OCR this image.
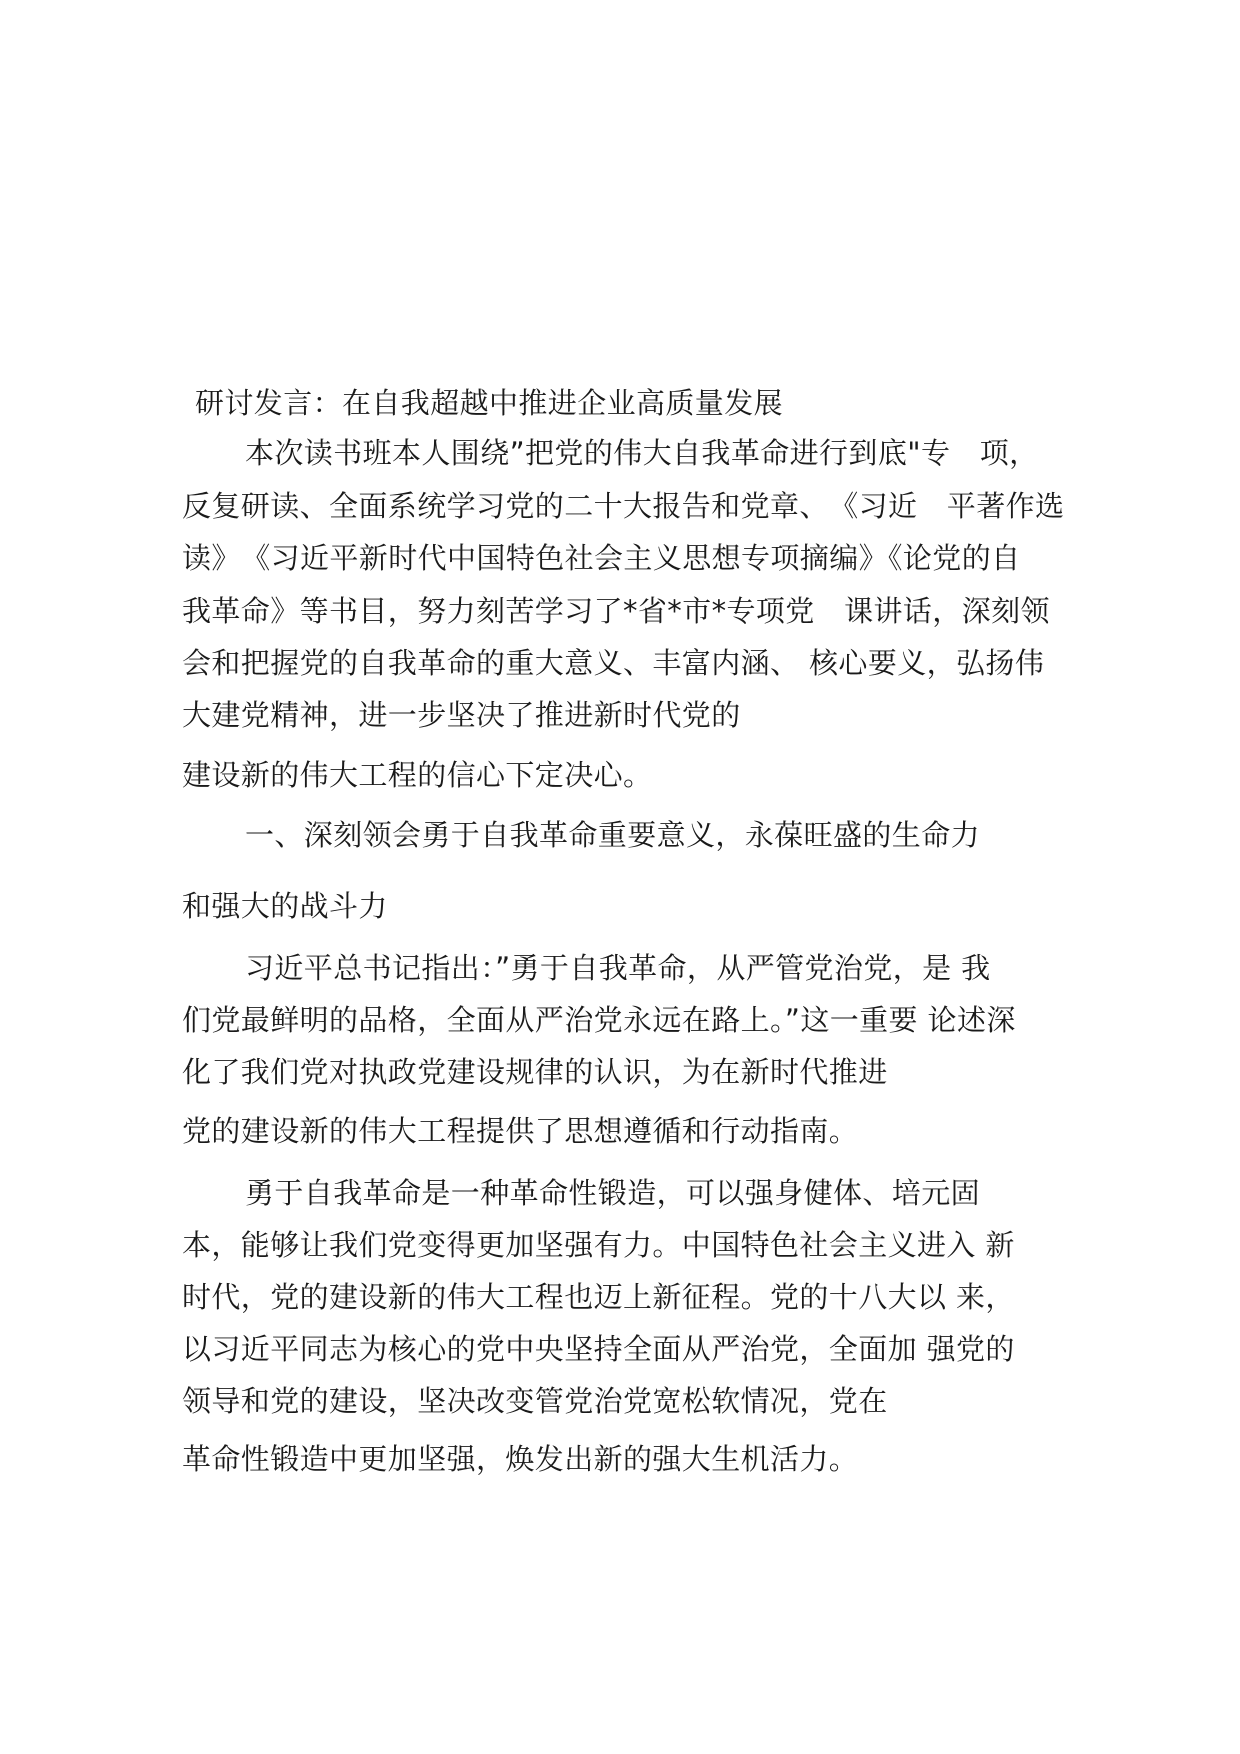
研讨发言：在自我超越中推进企业高质量发展

本次读书班本人围绕”把党的伟大自我革命进行到底"专　项，

反复研读、全面系统学习党的二十大报告和党章、　《习近　平著作选

读》　《习近平新时代中国特色社会主义思想专项摘编》《论党的自

我革命》等书目，努力刻苦学习了*省*市*专项党　课讲话，深刻领

会和把握党的自我革命的重大意义、丰富内涵、 核心要义，弘扬伟

大建党精神，进一步坚决了推进新时代党的

建设新的伟大工程的信心下定决心。

一、深刻领会勇于自我革命重要意义，永葆旺盛的生命力

和强大的战斗力

习近平总书记指出：”勇于自我革命，从严管党治党，是 我

们党最鲜明的品格，全面从严治党永远在路上。”这一重要 论述深

化了我们党对执政党建设规律的认识，为在新时代推进

党的建设新的伟大工程提供了思想遵循和行动指南。

勇于自我革命是一种革命性锻造，可以强身健体、培元固

本，能够让我们党变得更加坚强有力。中国特色社会主义进入 新

时代，党的建设新的伟大工程也迈上新征程。党的十八大以 来，

以习近平同志为核心的党中央坚持全面从严治党，全面加 强党的

领导和党的建设，坚决改变管党治党宽松软情况，党在

革命性锻造中更加坚强，焕发出新的强大生机活力。
